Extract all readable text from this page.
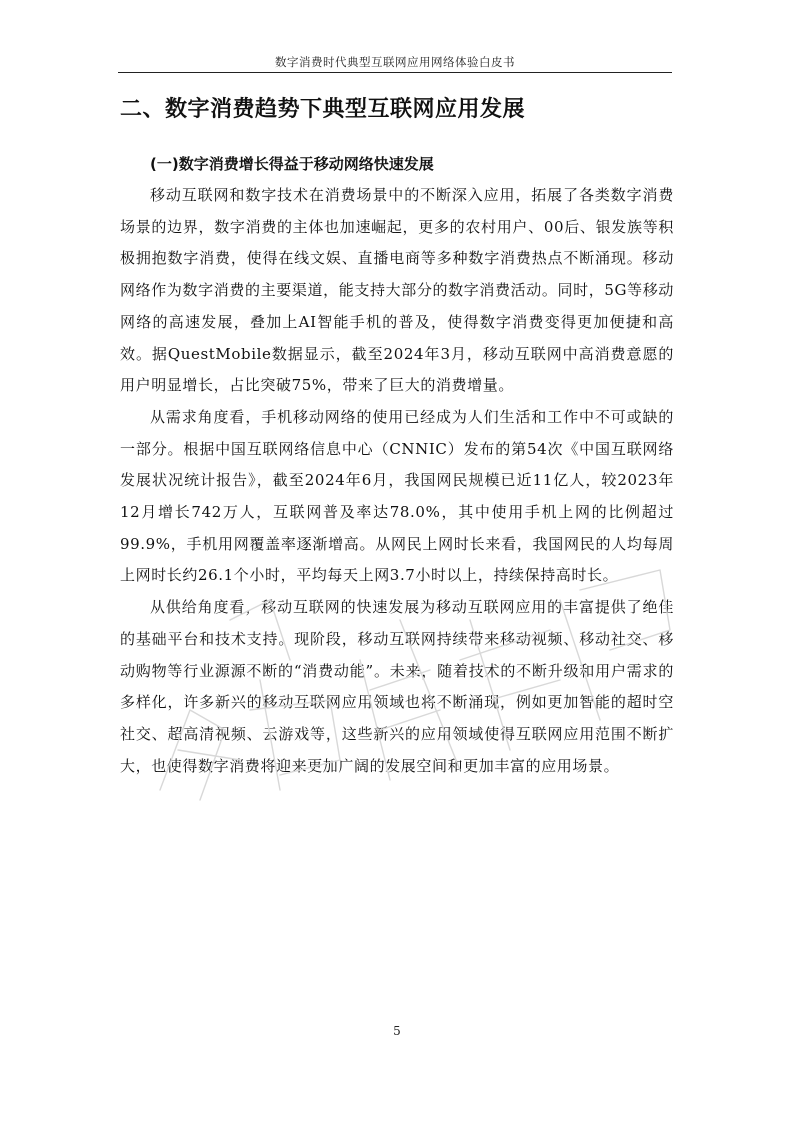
数字消费时代典型互联网应用网络体验白皮书
二、数字消费趋势下典型互联网应用发展
(一)数字消费增长得益于移动网络快速发展

移动互联网和数字技术在消费场景中的不断深入应用，拓展了各类数字消费场景的边界，数字消费的主体也加速崛起，更多的农村用户、00后、银发族等积极拥抱数字消费，使得在线文娱、直播电商等多种数字消费热点不断涌现。移动网络作为数字消费的主要渠道，能支持大部分的数字消费活动。同时，5G等移动网络的高速发展，叠加上AI智能手机的普及，使得数字消费变得更加便捷和高效。据QuestMobile数据显示，截至2024年3月，移动互联网中高消费意愿的用户明显增长，占比突破75%，带来了巨大的消费增量。

从需求角度看，手机移动网络的使用已经成为人们生活和工作中不可或缺的一部分。根据中国互联网络信息中心（CNNIC）发布的第54次《中国互联网络发展状况统计报告》，截至2024年6月，我国网民规模已近11亿人，较2023年12月增长742万人，互联网普及率达78.0%，其中使用手机上网的比例超过99.9%，手机用网覆盖率逐渐增高。从网民上网时长来看，我国网民的人均每周上网时长约26.1个小时，平均每天上网3.7小时以上，持续保持高时长。

从供给角度看，移动互联网的快速发展为移动互联网应用的丰富提供了绝佳的基础平台和技术支持。现阶段，移动互联网持续带来移动视频、移动社交、移动购物等行业源源不断的“消费动能”。未来，随着技术的不断升级和用户需求的多样化，许多新兴的移动互联网应用领域也将不断涌现，例如更加智能的超时空社交、超高清视频、云游戏等，这些新兴的应用领域使得互联网应用范围不断扩大，也使得数字消费将迎来更加广阔的发展空间和更加丰富的应用场景。

5
